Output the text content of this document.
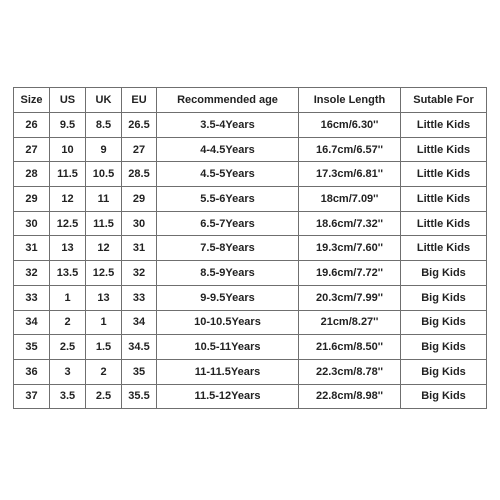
Size	US	UK	EU	Recommended age	Insole Length	Sutable For
26	9.5	8.5	26.5	3.5-4Years	16cm/6.30''	Little Kids
27	10	9	27	4-4.5Years	16.7cm/6.57''	Little Kids
28	11.5	10.5	28.5	4.5-5Years	17.3cm/6.81''	Little Kids
29	12	11	29	5.5-6Years	18cm/7.09''	Little Kids
30	12.5	11.5	30	6.5-7Years	18.6cm/7.32''	Little Kids
31	13	12	31	7.5-8Years	19.3cm/7.60''	Little Kids
32	13.5	12.5	32	8.5-9Years	19.6cm/7.72''	Big Kids
33	1	13	33	9-9.5Years	20.3cm/7.99''	Big Kids
34	2	1	34	10-10.5Years	21cm/8.27''	Big Kids
35	2.5	1.5	34.5	10.5-11Years	21.6cm/8.50''	Big Kids
36	3	2	35	11-11.5Years	22.3cm/8.78''	Big Kids
37	3.5	2.5	35.5	11.5-12Years	22.8cm/8.98''	Big Kids
